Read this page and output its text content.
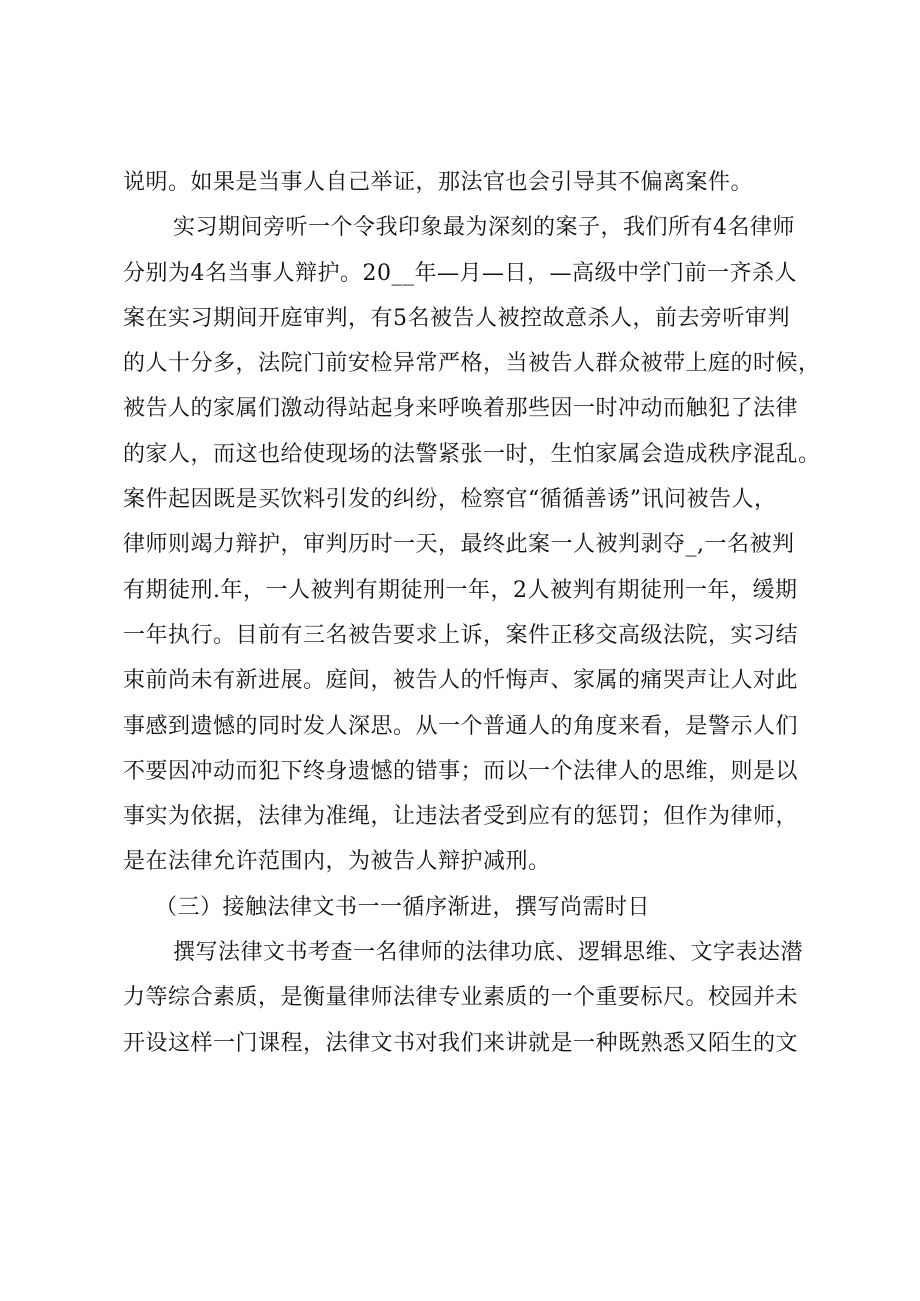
说明。如果是当事人自己举证，那法官也会引导其不偏离案件。
实习期间旁听一个令我印象最为深刻的案子，我们所有4名律师
分别为4名当事人辩护。20__年—月—日，—高级中学门前一齐杀人
案在实习期间开庭审判，有5名被告人被控故意杀人，前去旁听审判
的人十分多，法院门前安检异常严格，当被告人群众被带上庭的时候，
被告人的家属们激动得站起身来呼唤着那些因一时冲动而触犯了法律
的家人，而这也给使现场的法警紧张一时，生怕家属会造成秩序混乱。
案件起因既是买饮料引发的纠纷，检察官“循循善诱”讯问被告人，
律师则竭力辩护，审判历时一天，最终此案一人被判剥夺_,一名被判
有期徒刑.年，一人被判有期徒刑一年，2人被判有期徒刑一年，缓期
一年执行。目前有三名被告要求上诉，案件正移交高级法院，实习结
束前尚未有新进展。庭间，被告人的忏悔声、家属的痛哭声让人对此
事感到遗憾的同时发人深思。从一个普通人的角度来看，是警示人们
不要因冲动而犯下终身遗憾的错事；而以一个法律人的思维，则是以
事实为依据，法律为准绳，让违法者受到应有的惩罚；但作为律师，
是在法律允许范围内，为被告人辩护减刑。
（三）接触法律文书一一循序渐进，撰写尚需时日
撰写法律文书考查一名律师的法律功底、逻辑思维、文字表达潜
力等综合素质，是衡量律师法律专业素质的一个重要标尺。校园并未
开设这样一门课程，法律文书对我们来讲就是一种既熟悉又陌生的文
